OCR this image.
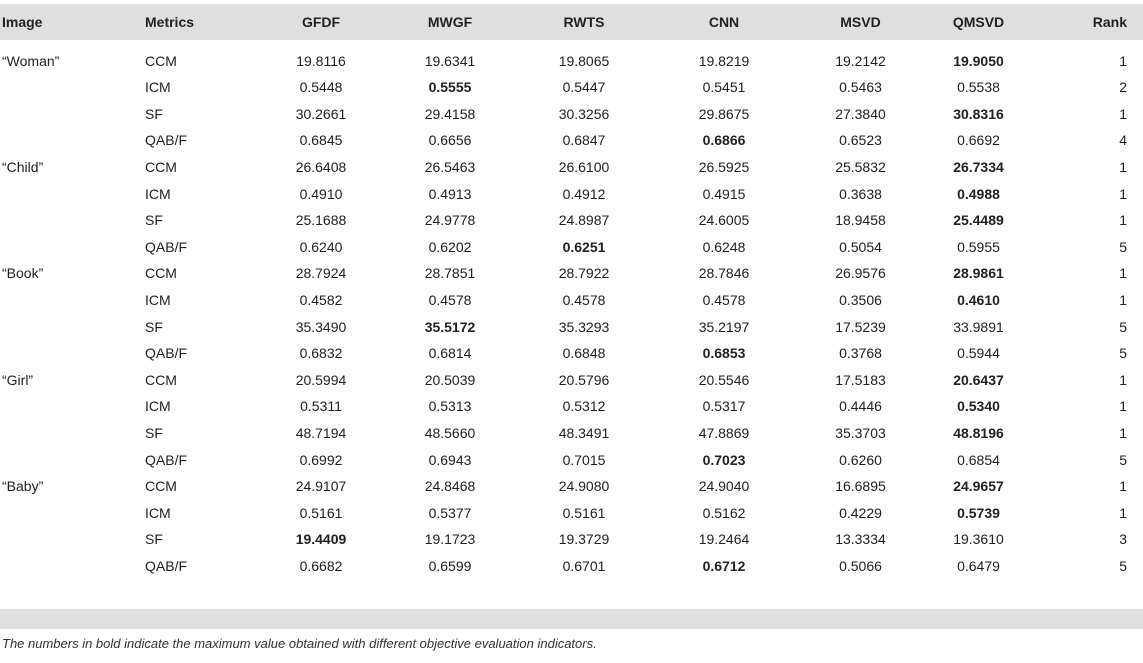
Image	Metrics	GFDF	MWGF	RWTS	CNN	MSVD	QMSVD	Rank
“Woman”	CCM	19.8116	19.6341	19.8065	19.8219	19.2142	19.9050	1
	ICM	0.5448	0.5555	0.5447	0.5451	0.5463	0.5538	2
	SF	30.2661	29.4158	30.3256	29.8675	27.3840	30.8316	1
	QAB/F	0.6845	0.6656	0.6847	0.6866	0.6523	0.6692	4
“Child”	CCM	26.6408	26.5463	26.6100	26.5925	25.5832	26.7334	1
	ICM	0.4910	0.4913	0.4912	0.4915	0.3638	0.4988	1
	SF	25.1688	24.9778	24.8987	24.6005	18.9458	25.4489	1
	QAB/F	0.6240	0.6202	0.6251	0.6248	0.5054	0.5955	5
“Book”	CCM	28.7924	28.7851	28.7922	28.7846	26.9576	28.9861	1
	ICM	0.4582	0.4578	0.4578	0.4578	0.3506	0.4610	1
	SF	35.3490	35.5172	35.3293	35.2197	17.5239	33.9891	5
	QAB/F	0.6832	0.6814	0.6848	0.6853	0.3768	0.5944	5
“Girl”	CCM	20.5994	20.5039	20.5796	20.5546	17.5183	20.6437	1
	ICM	0.5311	0.5313	0.5312	0.5317	0.4446	0.5340	1
	SF	48.7194	48.5660	48.3491	47.8869	35.3703	48.8196	1
	QAB/F	0.6992	0.6943	0.7015	0.7023	0.6260	0.6854	5
“Baby”	CCM	24.9107	24.8468	24.9080	24.9040	16.6895	24.9657	1
	ICM	0.5161	0.5377	0.5161	0.5162	0.4229	0.5739	1
	SF	19.4409	19.1723	19.3729	19.2464	13.3334	19.3610	3
	QAB/F	0.6682	0.6599	0.6701	0.6712	0.5066	0.6479	5
The numbers in bold indicate the maximum value obtained with different objective evaluation indicators.
